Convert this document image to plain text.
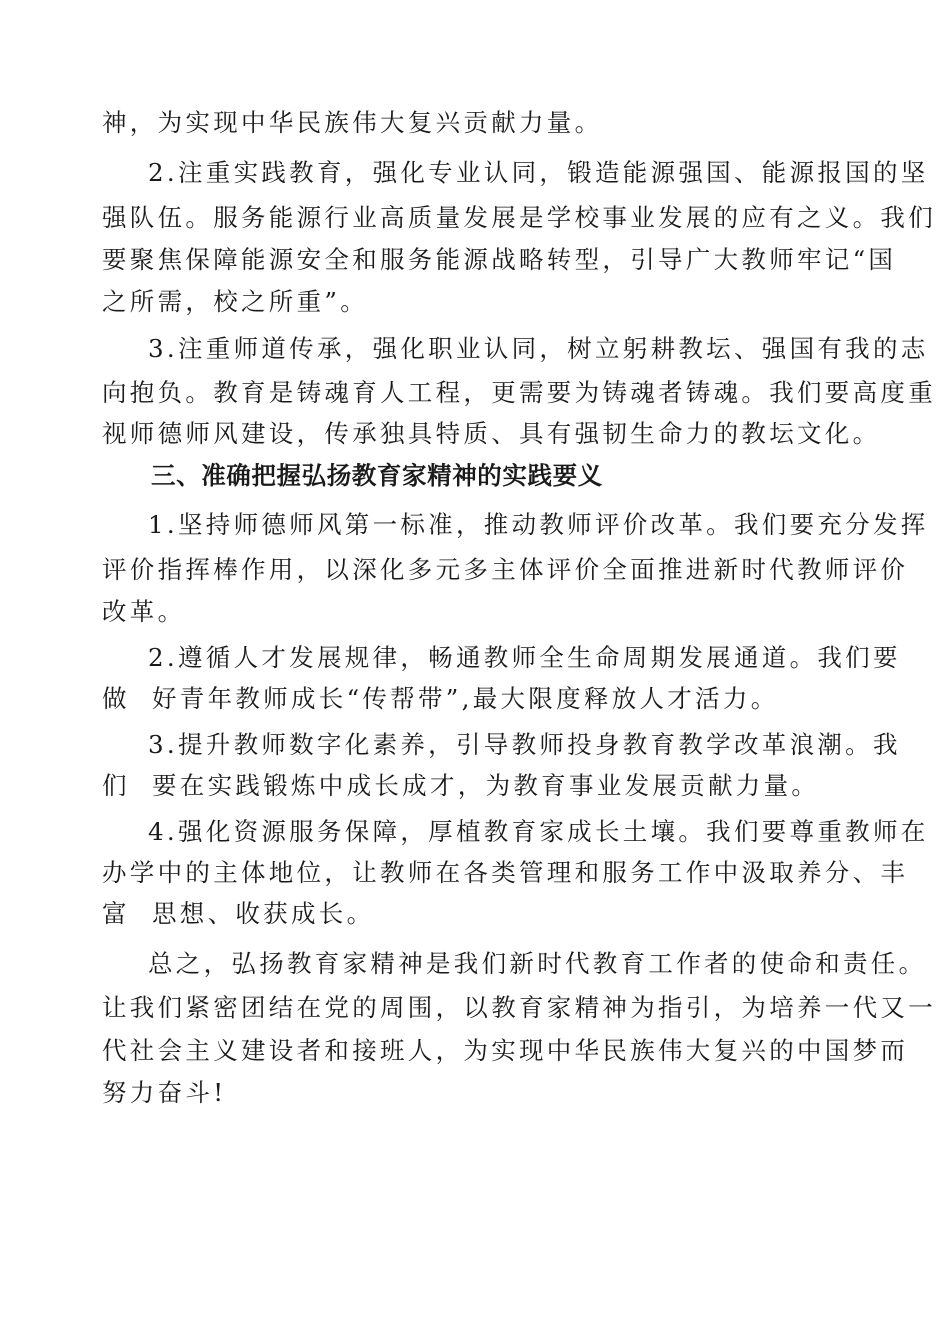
神，为实现中华民族伟大复兴贡献力量。
2.注重实践教育，强化专业认同，锻造能源强国、能源报国的坚
强队伍。服务能源行业高质量发展是学校事业发展的应有之义。我们
要聚焦保障能源安全和服务能源战略转型，引导广大教师牢记“国
之所需，校之所重”。
3.注重师道传承，强化职业认同，树立躬耕教坛、强国有我的志
向抱负。教育是铸魂育人工程，更需要为铸魂者铸魂。我们要高度重
视师德师风建设，传承独具特质、具有强韧生命力的教坛文化。
三、准确把握弘扬教育家精神的实践要义
1.坚持师德师风第一标准，推动教师评价改革。我们要充分发挥
评价指挥棒作用，以深化多元多主体评价全面推进新时代教师评价
改革。
2.遵循人才发展规律，畅通教师全生命周期发展通道。我们要
做  好青年教师成长“传帮带”,最大限度释放人才活力。
3.提升教师数字化素养，引导教师投身教育教学改革浪潮。我
们  要在实践锻炼中成长成才，为教育事业发展贡献力量。
4.强化资源服务保障，厚植教育家成长土壤。我们要尊重教师在
办学中的主体地位，让教师在各类管理和服务工作中汲取养分、丰
富  思想、收获成长。
总之，弘扬教育家精神是我们新时代教育工作者的使命和责任。
让我们紧密团结在党的周围，以教育家精神为指引，为培养一代又一
代社会主义建设者和接班人，为实现中华民族伟大复兴的中国梦而
努力奋斗!
